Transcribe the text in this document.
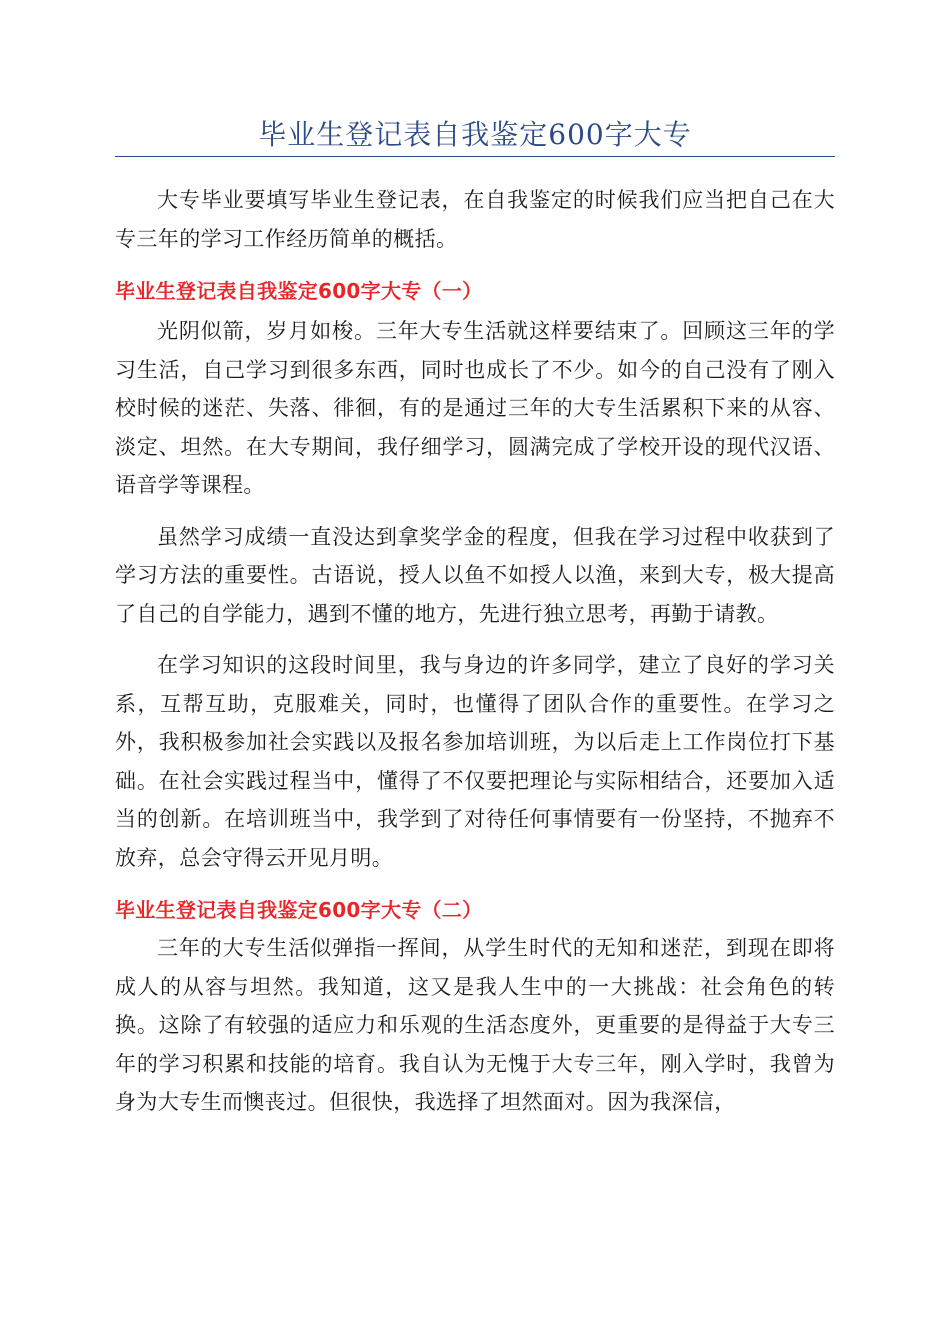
毕业生登记表自我鉴定600字大专

大专毕业要填写毕业生登记表，在自我鉴定的时候我们应当把自己在大专三年的学习工作经历简单的概括。

毕业生登记表自我鉴定600字大专（一）

光阴似箭，岁月如梭。三年大专生活就这样要结束了。回顾这三年的学习生活，自己学习到很多东西，同时也成长了不少。如今的自己没有了刚入校时候的迷茫、失落、徘徊，有的是通过三年的大专生活累积下来的从容、淡定、坦然。在大专期间，我仔细学习，圆满完成了学校开设的现代汉语、语音学等课程。

虽然学习成绩一直没达到拿奖学金的程度，但我在学习过程中收获到了学习方法的重要性。古语说，授人以鱼不如授人以渔，来到大专，极大提高了自己的自学能力，遇到不懂的地方，先进行独立思考，再勤于请教。

在学习知识的这段时间里，我与身边的许多同学，建立了良好的学习关系，互帮互助，克服难关，同时，也懂得了团队合作的重要性。在学习之外，我积极参加社会实践以及报名参加培训班，为以后走上工作岗位打下基础。在社会实践过程当中，懂得了不仅要把理论与实际相结合，还要加入适当的创新。在培训班当中，我学到了对待任何事情要有一份坚持，不抛弃不放弃，总会守得云开见月明。

毕业生登记表自我鉴定600字大专（二）

三年的大专生活似弹指一挥间，从学生时代的无知和迷茫，到现在即将成人的从容与坦然。我知道，这又是我人生中的一大挑战：社会角色的转换。这除了有较强的适应力和乐观的生活态度外，更重要的是得益于大专三年的学习积累和技能的培育。我自认为无愧于大专三年，刚入学时，我曾为身为大专生而懊丧过。但很快，我选择了坦然面对。因为我深信，
